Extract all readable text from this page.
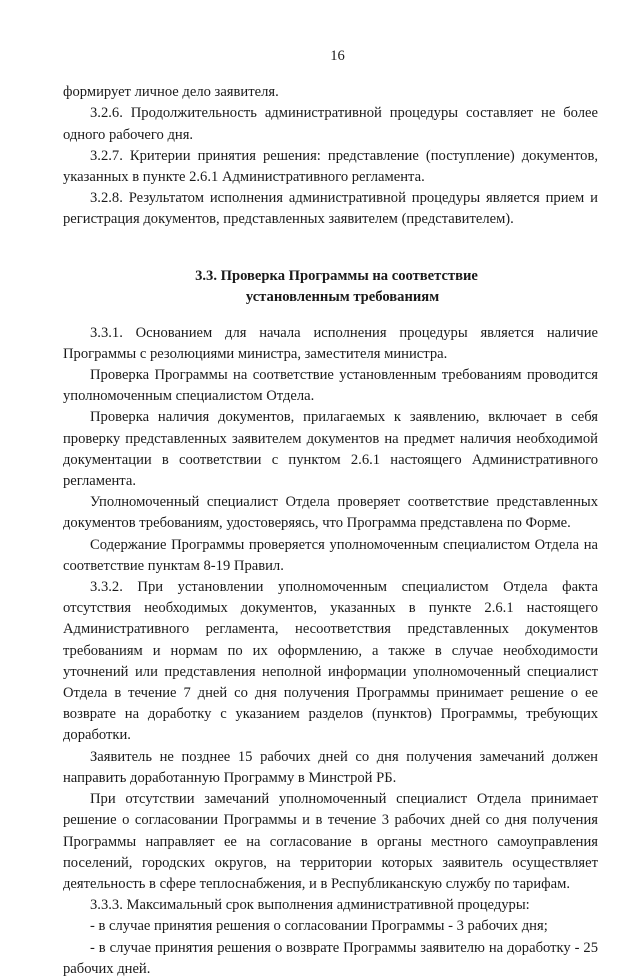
16

формирует личное дело заявителя.

3.2.6. Продолжительность административной процедуры составляет не более одного рабочего дня.

3.2.7. Критерии принятия решения: представление (поступление) документов, указанных в пункте 2.6.1 Административного регламента.

3.2.8. Результатом исполнения административной процедуры является прием и регистрация документов, представленных заявителем (представителем).

3.3. Проверка Программы на соответствие
установленным требованиям

3.3.1. Основанием для начала исполнения процедуры является наличие Программы с резолюциями министра, заместителя министра.

Проверка Программы на соответствие установленным требованиям проводится уполномоченным специалистом Отдела.

Проверка наличия документов, прилагаемых к заявлению, включает в себя проверку представленных заявителем документов на предмет наличия необходимой документации в соответствии с пунктом 2.6.1 настоящего Административного регламента.

Уполномоченный специалист Отдела проверяет соответствие представленных документов требованиям, удостоверяясь, что Программа представлена по Форме.

Содержание Программы проверяется уполномоченным специалистом Отдела на соответствие пунктам 8-19 Правил.

3.3.2. При установлении уполномоченным специалистом Отдела факта отсутствия необходимых документов, указанных в пункте 2.6.1 настоящего Административного регламента, несоответствия представленных документов требованиям и нормам по их оформлению, а также в случае необходимости уточнений или представления неполной информации уполномоченный специалист Отдела в течение 7 дней со дня получения Программы принимает решение о ее возврате на доработку с указанием разделов (пунктов) Программы, требующих доработки.

Заявитель не позднее 15 рабочих дней со дня получения замечаний должен направить доработанную Программу в Минстрой РБ.

При отсутствии замечаний уполномоченный специалист Отдела принимает решение о согласовании Программы и в течение 3 рабочих дней со дня получения Программы направляет ее на согласование в органы местного самоуправления поселений, городских округов, на территории которых заявитель осуществляет деятельность в сфере теплоснабжения, и в Республиканскую службу по тарифам.

3.3.3. Максимальный срок выполнения административной процедуры:

- в случае принятия решения о согласовании Программы - 3 рабочих дня;

- в случае принятия решения о возврате Программы заявителю на доработку - 25 рабочих дней.
